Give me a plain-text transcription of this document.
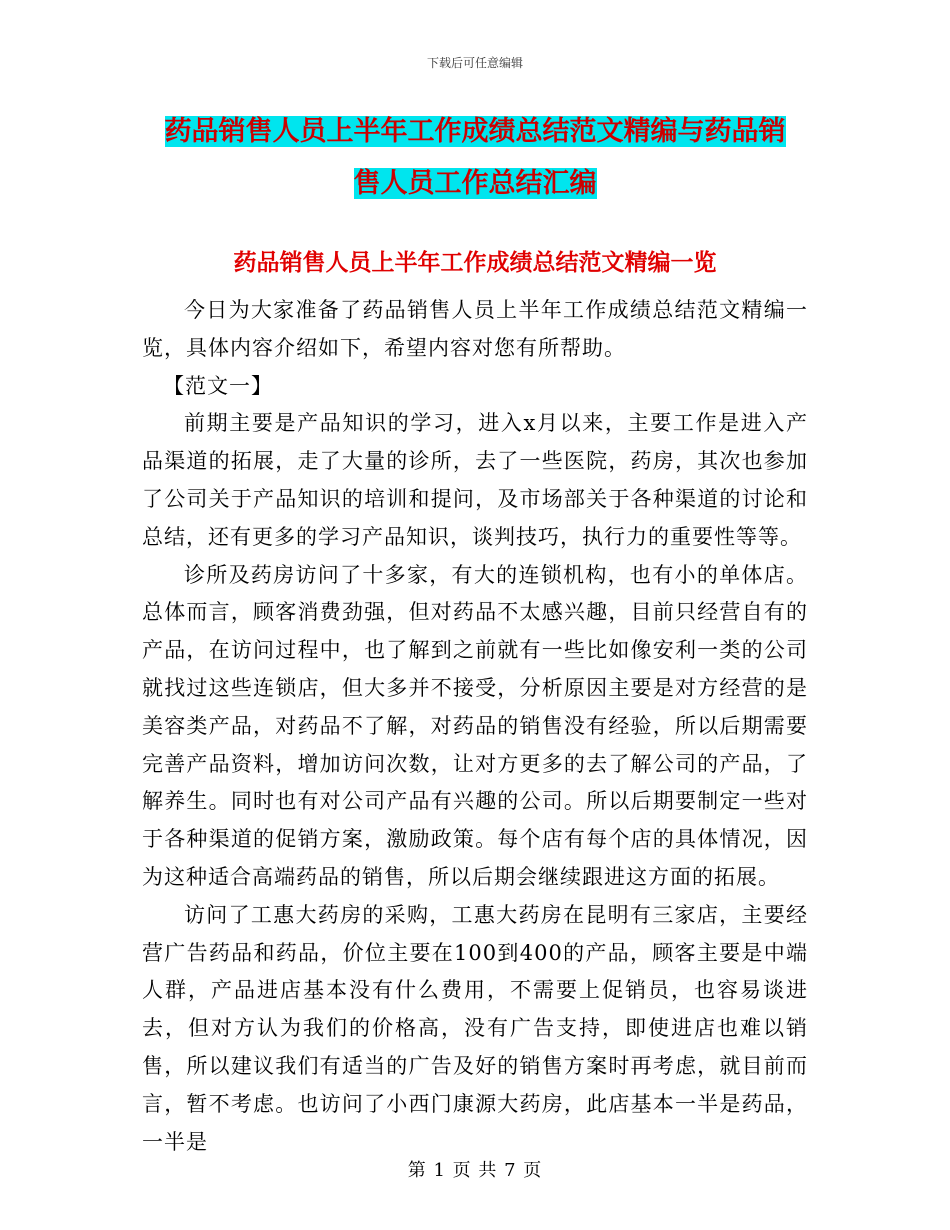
下载后可任意编辑
药品销售人员上半年工作成绩总结范文精编与药品销
售人员工作总结汇编
药品销售人员上半年工作成绩总结范文精编一览

今日为大家准备了药品销售人员上半年工作成绩总结范文精编一览，具体内容介绍如下，希望内容对您有所帮助。

【范文一】

前期主要是产品知识的学习，进入x月以来，主要工作是进入产品渠道的拓展，走了大量的诊所，去了一些医院，药房，其次也参加了公司关于产品知识的培训和提问，及市场部关于各种渠道的讨论和总结，还有更多的学习产品知识，谈判技巧，执行力的重要性等等。

诊所及药房访问了十多家，有大的连锁机构，也有小的单体店。总体而言，顾客消费劲强，但对药品不太感兴趣，目前只经营自有的产品，在访问过程中，也了解到之前就有一些比如像安利一类的公司就找过这些连锁店，但大多并不接受，分析原因主要是对方经营的是美容类产品，对药品不了解，对药品的销售没有经验，所以后期需要完善产品资料，增加访问次数，让对方更多的去了解公司的产品，了解养生。同时也有对公司产品有兴趣的公司。所以后期要制定一些对于各种渠道的促销方案，激励政策。每个店有每个店的具体情况，因为这种适合高端药品的销售，所以后期会继续跟进这方面的拓展。

访问了工惠大药房的采购，工惠大药房在昆明有三家店，主要经营广告药品和药品，价位主要在100到400的产品，顾客主要是中端人群，产品进店基本没有什么费用，不需要上促销员，也容易谈进去，但对方认为我们的价格高，没有广告支持，即使进店也难以销售，所以建议我们有适当的广告及好的销售方案时再考虑，就目前而言，暂不考虑。也访问了小西门康源大药房，此店基本一半是药品，一半是

第 1 页 共 7 页
